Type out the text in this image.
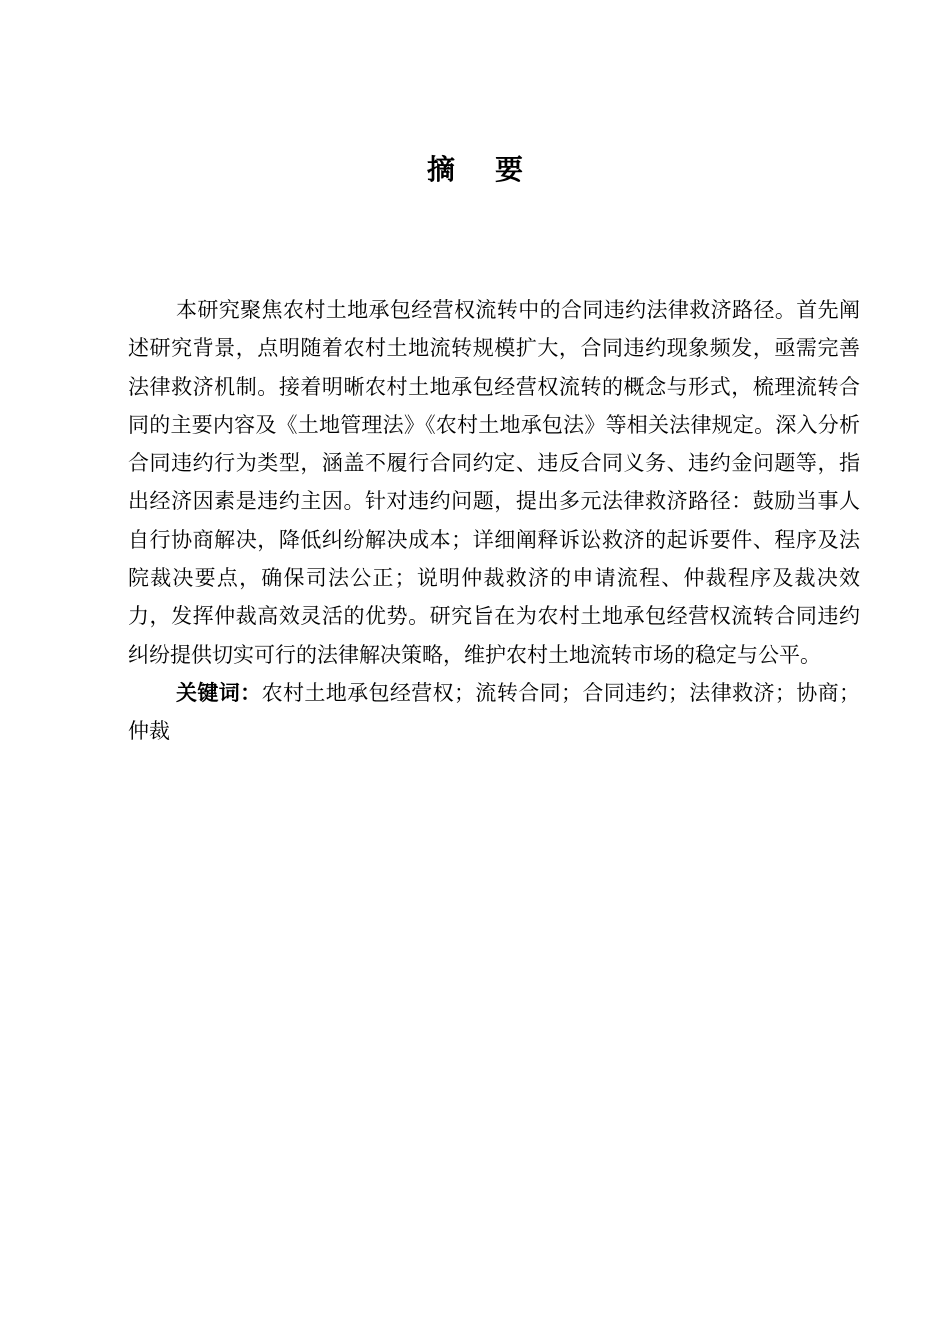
摘 要

本研究聚焦农村土地承包经营权流转中的合同违约法律救济路径。首先阐述研究背景，点明随着农村土地流转规模扩大，合同违约现象频发，亟需完善法律救济机制。接着明晰农村土地承包经营权流转的概念与形式，梳理流转合同的主要内容及《土地管理法》《农村土地承包法》等相关法律规定。深入分析合同违约行为类型，涵盖不履行合同约定、违反合同义务、违约金问题等，指出经济因素是违约主因。针对违约问题，提出多元法律救济路径：鼓励当事人自行协商解决，降低纠纷解决成本；详细阐释诉讼救济的起诉要件、程序及法院裁决要点，确保司法公正；说明仲裁救济的申请流程、仲裁程序及裁决效力，发挥仲裁高效灵活的优势。研究旨在为农村土地承包经营权流转合同违约纠纷提供切实可行的法律解决策略，维护农村土地流转市场的稳定与公平。

关键词：农村土地承包经营权；流转合同；合同违约；法律救济；协商；仲裁
